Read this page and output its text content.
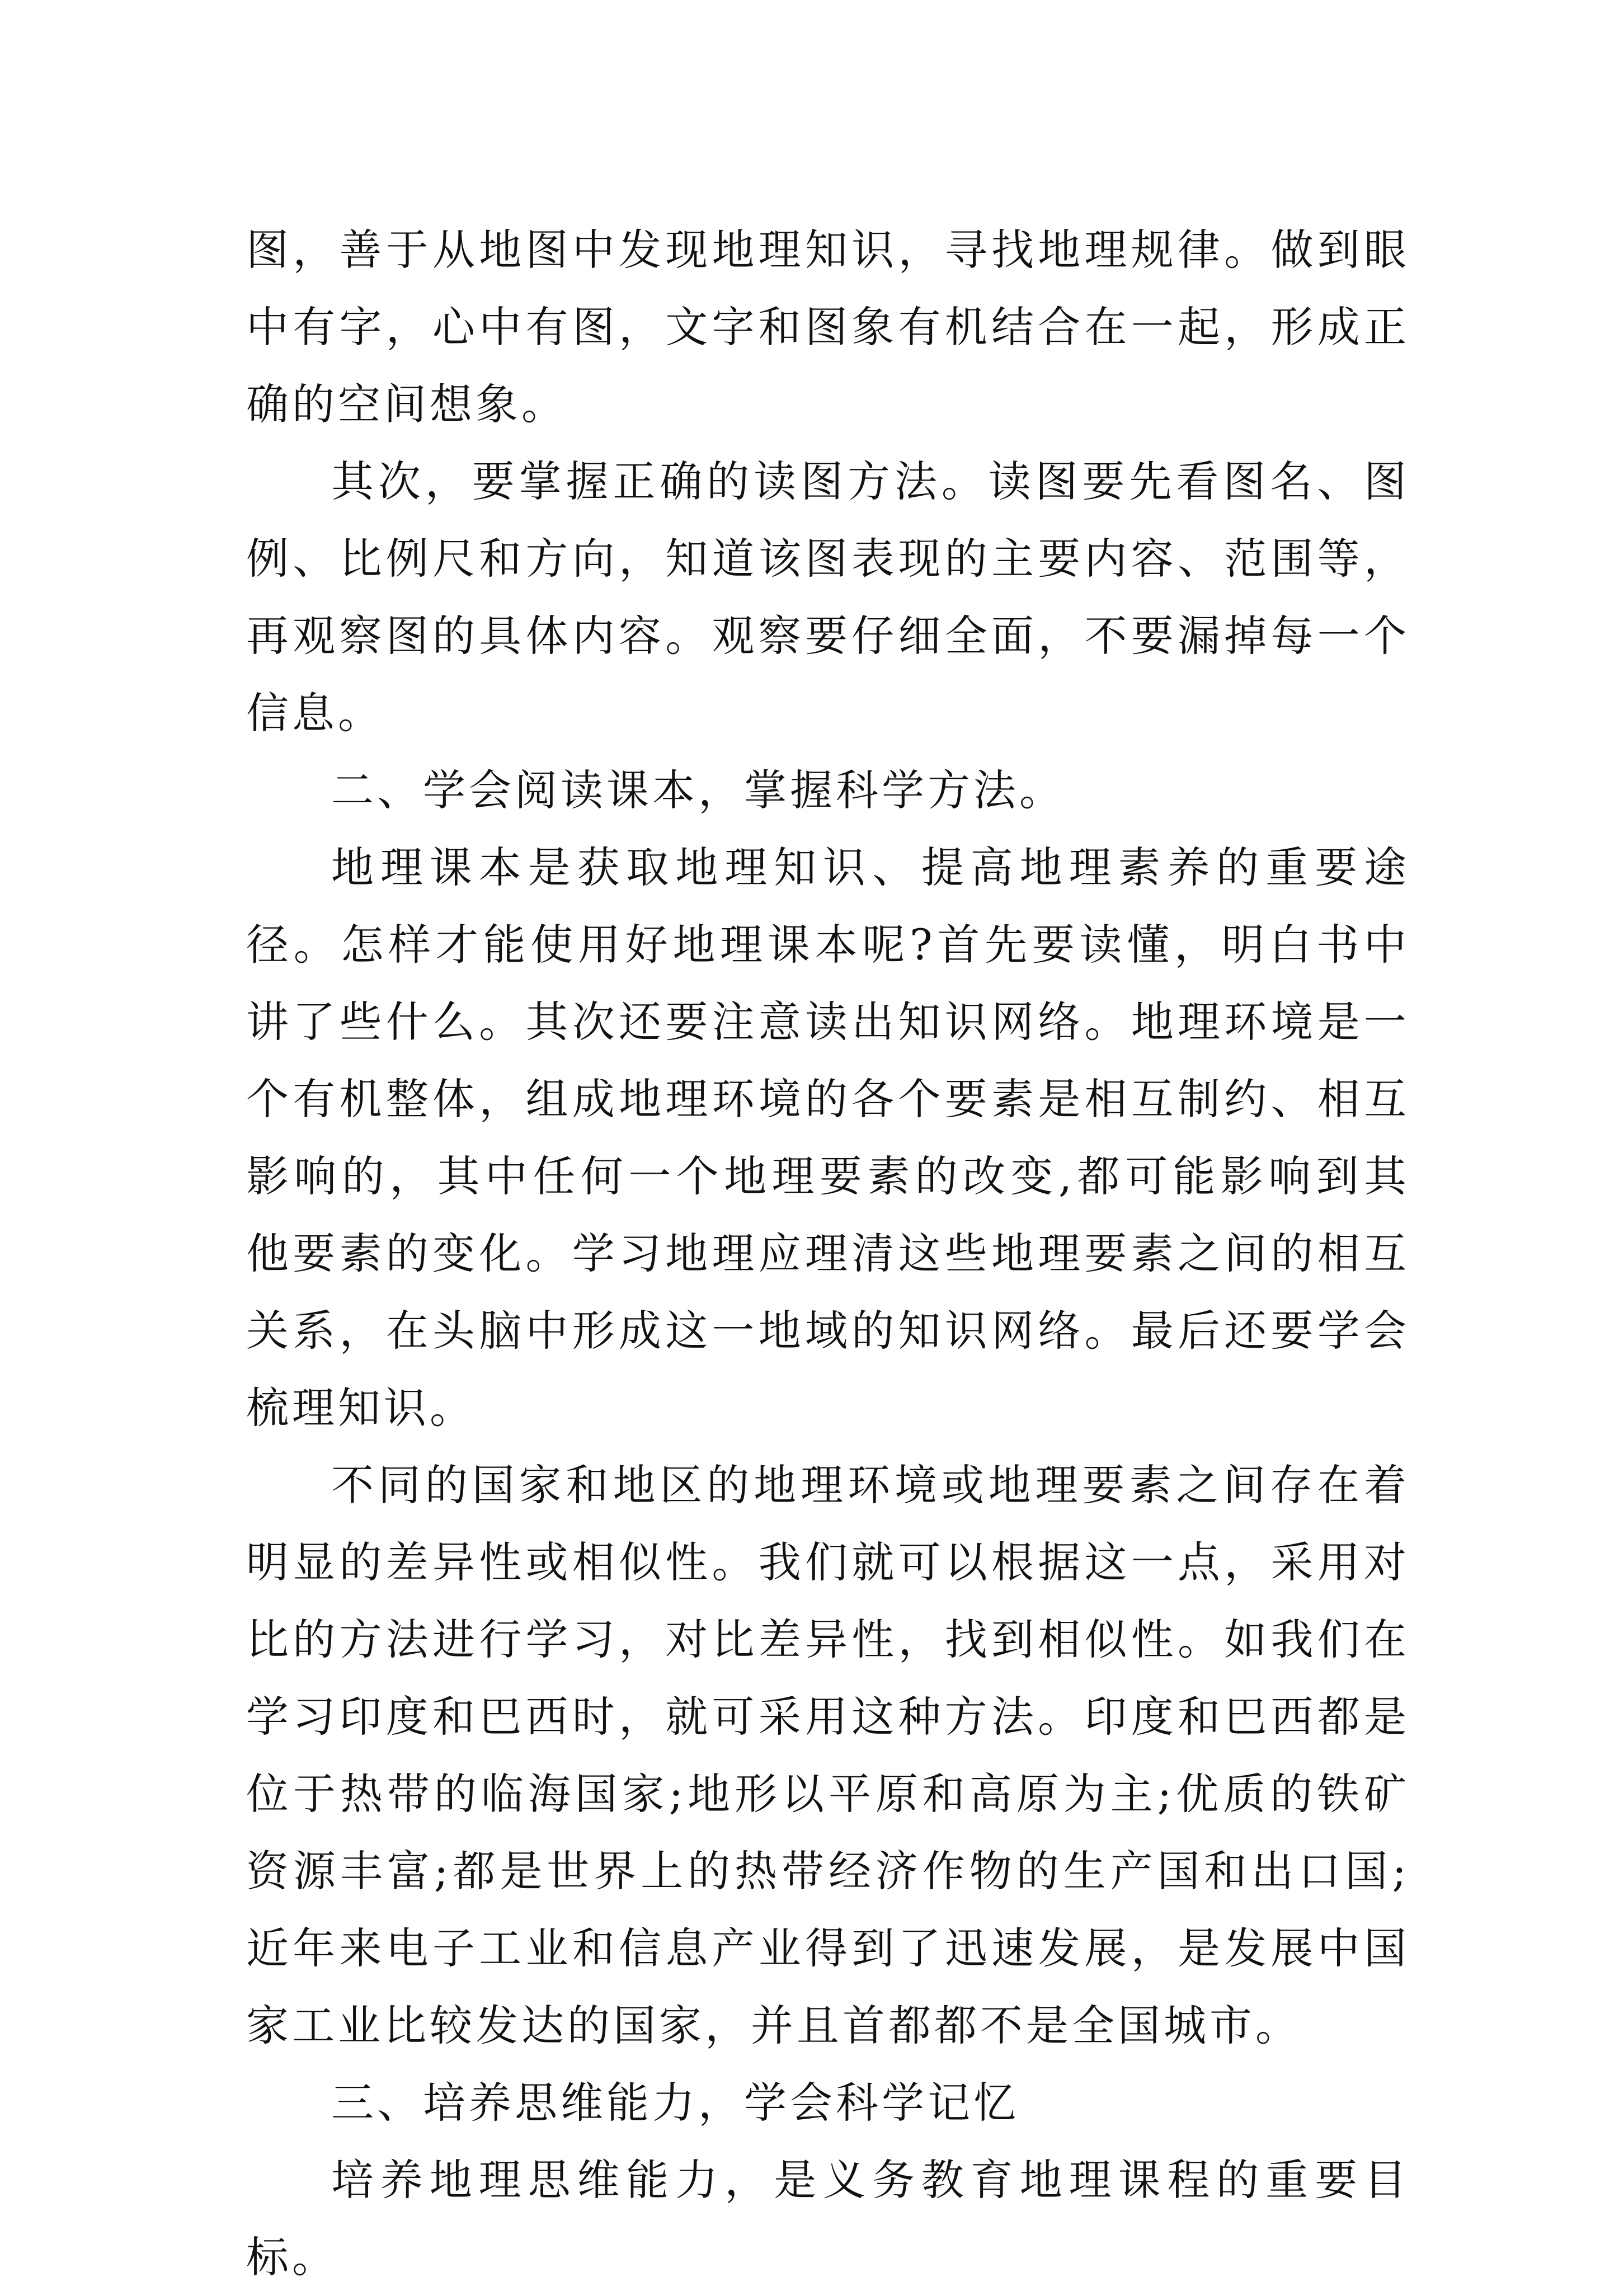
图，善于从地图中发现地理知识，寻找地理规律。做到眼中有字，心中有图，文字和图象有机结合在一起，形成正确的空间想象。

其次，要掌握正确的读图方法。读图要先看图名、图例、比例尺和方向，知道该图表现的主要内容、范围等，再观察图的具体内容。观察要仔细全面，不要漏掉每一个信息。

二、学会阅读课本，掌握科学方法。

地理课本是获取地理知识、提高地理素养的重要途径。怎样才能使用好地理课本呢?首先要读懂，明白书中讲了些什么。其次还要注意读出知识网络。地理环境是一个有机整体，组成地理环境的各个要素是相互制约、相互影响的，其中任何一个地理要素的改变,都可能影响到其他要素的变化。学习地理应理清这些地理要素之间的相互关系，在头脑中形成这一地域的知识网络。最后还要学会梳理知识。

不同的国家和地区的地理环境或地理要素之间存在着明显的差异性或相似性。我们就可以根据这一点，采用对比的方法进行学习，对比差异性，找到相似性。如我们在学习印度和巴西时，就可采用这种方法。印度和巴西都是位于热带的临海国家;地形以平原和高原为主;优质的铁矿资源丰富;都是世界上的热带经济作物的生产国和出口国;近年来电子工业和信息产业得到了迅速发展，是发展中国家工业比较发达的国家，并且首都都不是全国城市。

三、培养思维能力，学会科学记忆

培养地理思维能力，是义务教育地理课程的重要目标。
